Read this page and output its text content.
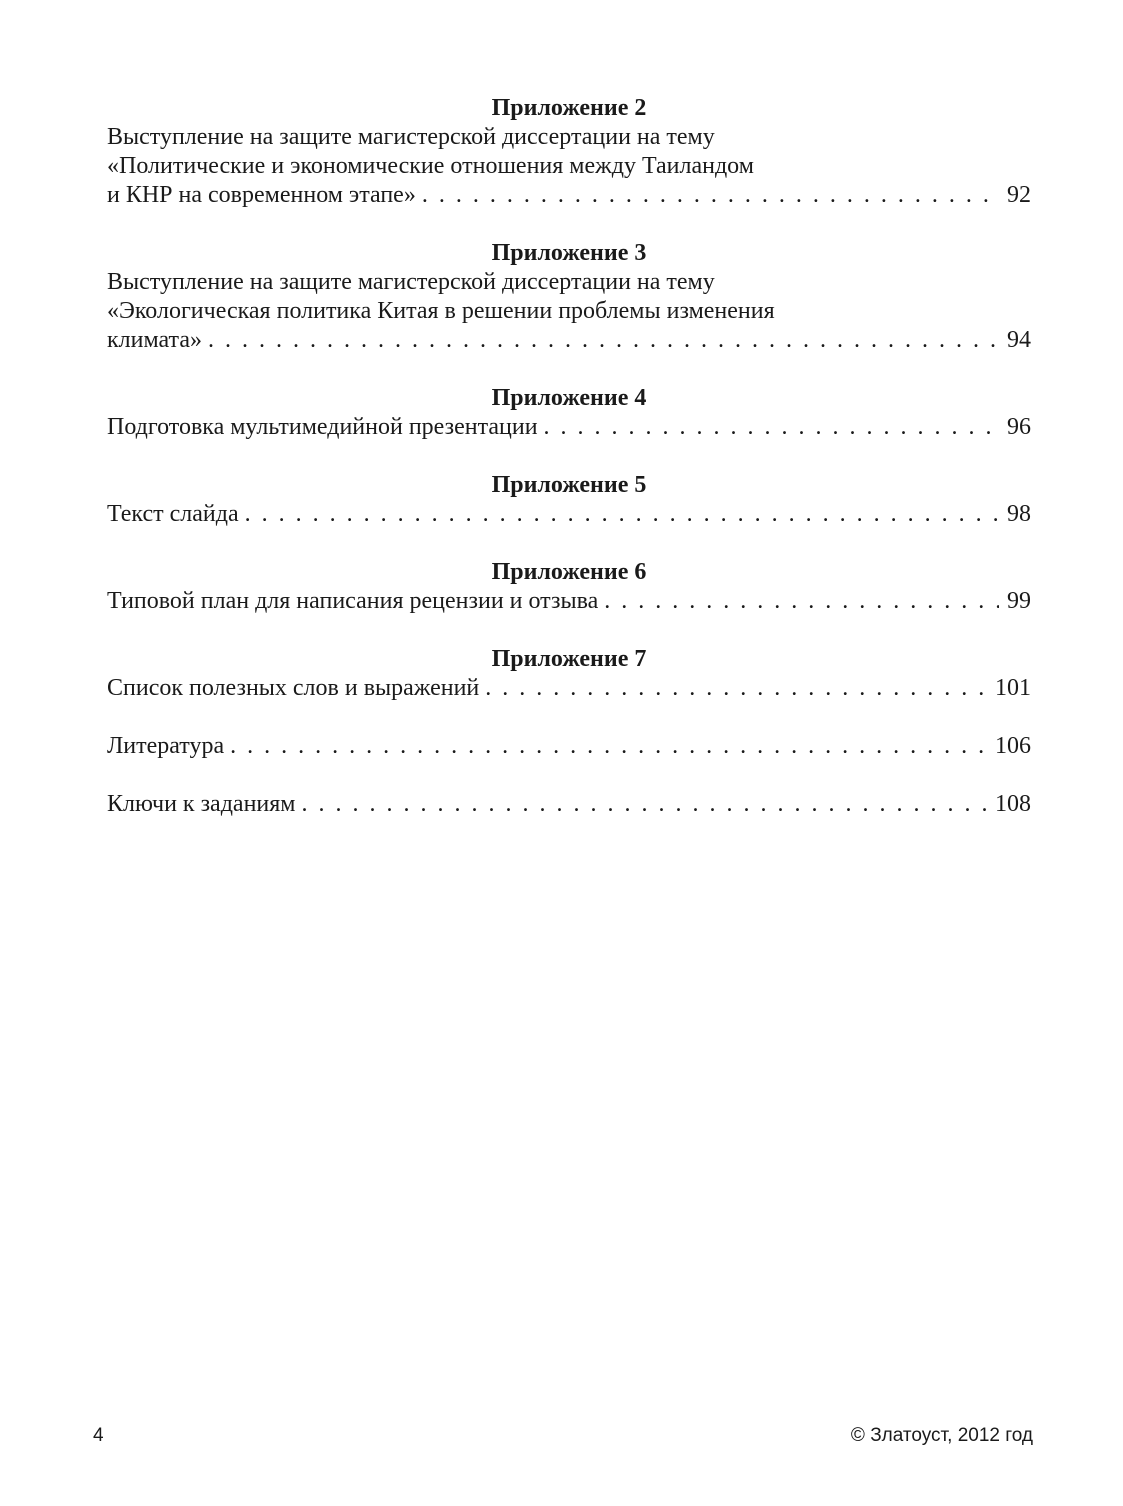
Приложение 2
Выступление на защите магистерской диссертации на тему
«Политические и экономические отношения между Таиландом
и КНР на современном этапе» . . .	92
Приложение 3
Выступление на защите магистерской диссертации на тему
«Экологическая политика Китая в решении проблемы изменения
климата» . . .	94
Приложение 4
Подготовка мультимедийной презентации . . .	96
Приложение 5
Текст слайда . . .	98
Приложение 6
Типовой план для написания рецензии и отзыва . . .	99
Приложение 7
Список полезных слов и выражений . . .	101
Литература . . .	106
Ключи к заданиям . . .	108
4	© Златоуст, 2012 год
